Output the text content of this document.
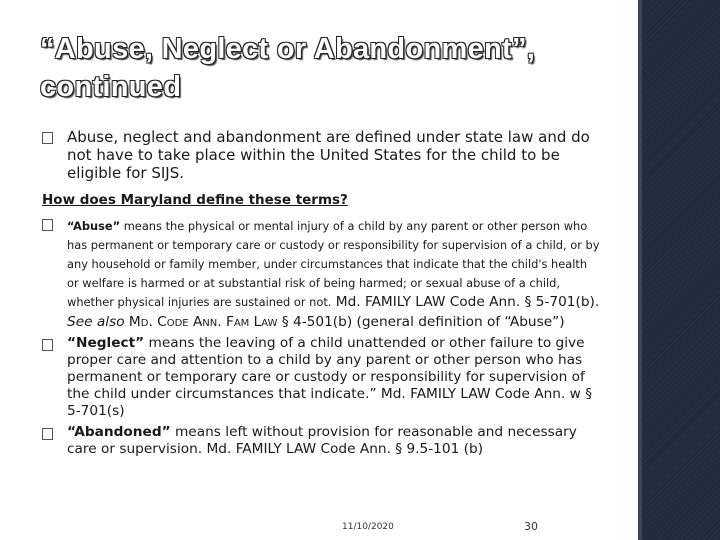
“Abuse, Neglect or Abandonment”, continued
Abuse, neglect and abandonment are defined under state law and do not have to take place within the United States for the child to be eligible for SIJS.
How does Maryland define these terms?
“Abuse” means the physical or mental injury of a child by any parent or other person who has permanent or temporary care or custody or responsibility for supervision of a child, or by any household or family member, under circumstances that indicate that the child's health or welfare is harmed or at substantial risk of being harmed; or sexual abuse of a child, whether physical injuries are sustained or not. Md. FAMILY LAW Code Ann. § 5-701(b). See also Md. Code Ann. Fam Law § 4-501(b) (general definition of “Abuse”)
“Neglect” means the leaving of a child unattended or other failure to give proper care and attention to a child by any parent or other person who has permanent or temporary care or custody or responsibility for supervision of the child under circumstances that indicate.” Md. FAMILY LAW Code Ann. w § 5-701(s)
“Abandoned” means left without provision for reasonable and necessary care or supervision. Md. FAMILY LAW Code Ann. § 9.5-101 (b)
11/10/2020	30
